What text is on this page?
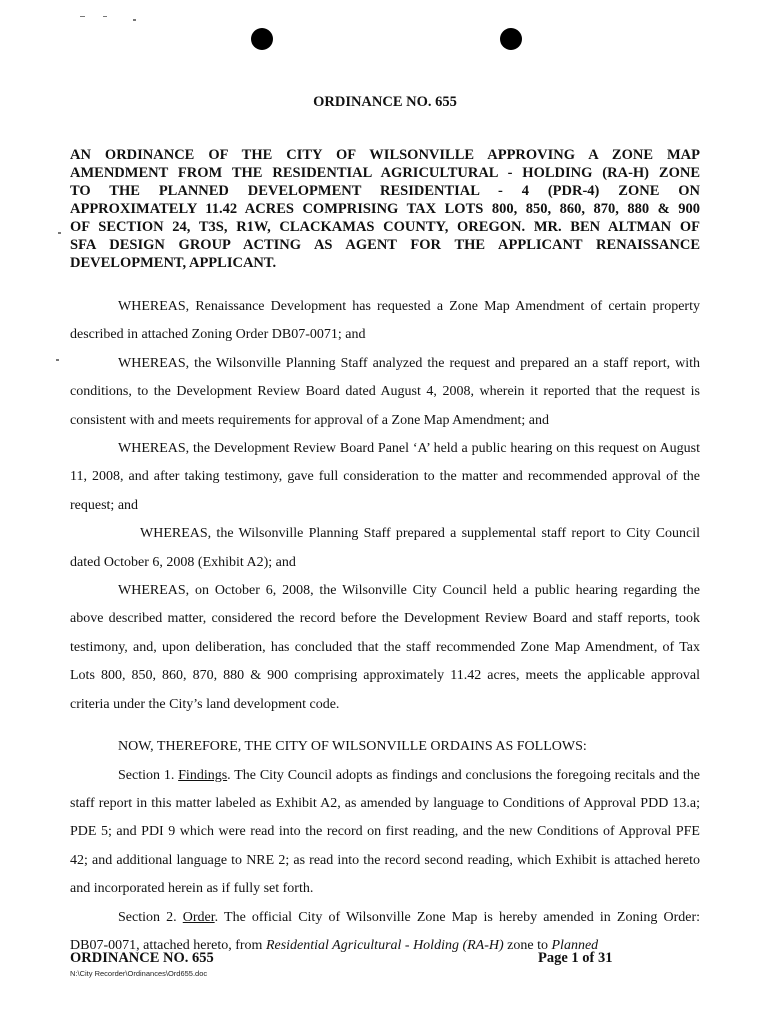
ORDINANCE NO. 655
AN ORDINANCE OF THE CITY OF WILSONVILLE APPROVING A ZONE MAP
AMENDMENT FROM THE RESIDENTIAL AGRICULTURAL - HOLDING (RA-H) ZONE
TO THE PLANNED DEVELOPMENT RESIDENTIAL - 4 (PDR-4) ZONE ON
APPROXIMATELY 11.42 ACRES COMPRISING TAX LOTS 800, 850, 860, 870, 880 & 900
OF SECTION 24, T3S, R1W, CLACKAMAS COUNTY, OREGON. MR. BEN ALTMAN OF
SFA DESIGN GROUP ACTING AS AGENT FOR THE APPLICANT RENAISSANCE
DEVELOPMENT, APPLICANT.

WHEREAS, Renaissance Development has requested a Zone Map Amendment of certain property described in attached Zoning Order DB07-0071; and

WHEREAS, the Wilsonville Planning Staff analyzed the request and prepared an a staff report, with conditions, to the Development Review Board dated August 4, 2008, wherein it reported that the request is consistent with and meets requirements for approval of a Zone Map Amendment; and

WHEREAS, the Development Review Board Panel ‘A’ held a public hearing on this request on August 11, 2008, and after taking testimony, gave full consideration to the matter and recommended approval of the request; and

WHEREAS, the Wilsonville Planning Staff prepared a supplemental staff report to City Council dated October 6, 2008 (Exhibit A2); and

WHEREAS, on October 6, 2008, the Wilsonville City Council held a public hearing regarding the above described matter, considered the record before the Development Review Board and staff reports, took testimony, and, upon deliberation, has concluded that the staff recommended Zone Map Amendment, of Tax Lots 800, 850, 860, 870, 880 & 900 comprising approximately 11.42 acres, meets the applicable approval criteria under the City’s land development code.

NOW, THEREFORE, THE CITY OF WILSONVILLE ORDAINS AS FOLLOWS:

Section 1. Findings. The City Council adopts as findings and conclusions the foregoing recitals and the staff report in this matter labeled as Exhibit A2, as amended by language to Conditions of Approval PDD 13.a; PDE 5; and PDI 9 which were read into the record on first reading, and the new Conditions of Approval PFE 42; and additional language to NRE 2; as read into the record second reading, which Exhibit is attached hereto and incorporated herein as if fully set forth.

Section 2. Order. The official City of Wilsonville Zone Map is hereby amended in Zoning Order: DB07-0071, attached hereto, from Residential Agricultural - Holding (RA-H) zone to Planned

ORDINANCE NO. 655	Page 1 of 31
N:\City Recorder\Ordinances\Ord655.doc
